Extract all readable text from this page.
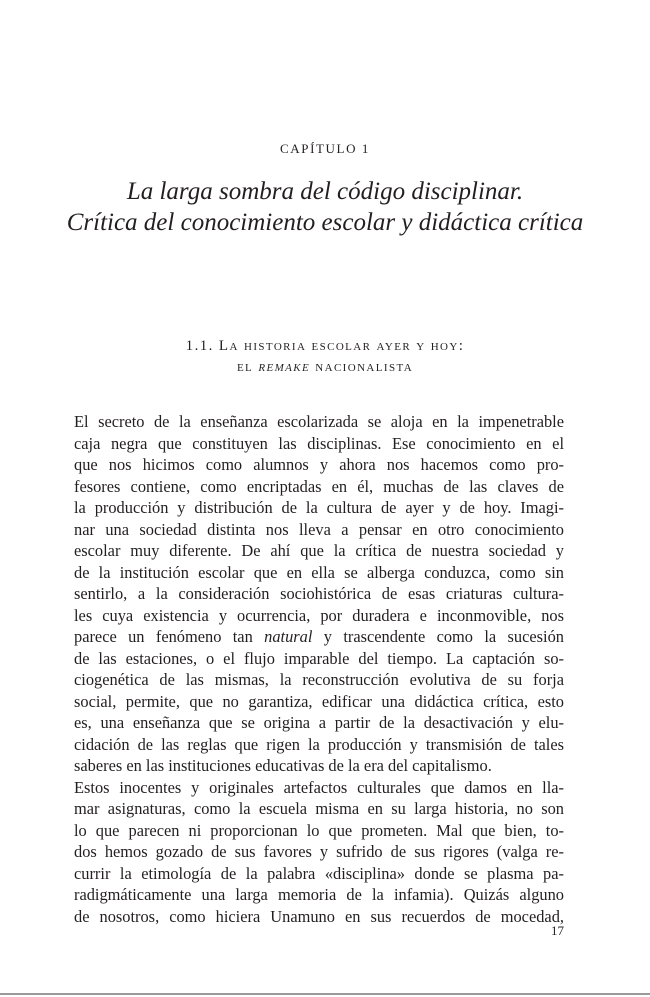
CAPÍTULO 1
La larga sombra del código disciplinar.
Crítica del conocimiento escolar y didáctica crítica
1.1. La historia escolar ayer y hoy:
el remake nacionalista
El secreto de la enseñanza escolarizada se aloja en la impenetrable
caja negra que constituyen las disciplinas. Ese conocimiento en el
que nos hicimos como alumnos y ahora nos hacemos como pro-
fesores contiene, como encriptadas en él, muchas de las claves de
la producción y distribución de la cultura de ayer y de hoy. Imagi-
nar una sociedad distinta nos lleva a pensar en otro conocimiento
escolar muy diferente. De ahí que la crítica de nuestra sociedad y
de la institución escolar que en ella se alberga conduzca, como sin
sentirlo, a la consideración sociohistórica de esas criaturas cultura-
les cuya existencia y ocurrencia, por duradera e inconmovible, nos
parece un fenómeno tan natural y trascendente como la sucesión
de las estaciones, o el flujo imparable del tiempo. La captación so-
ciogenética de las mismas, la reconstrucción evolutiva de su forja
social, permite, que no garantiza, edificar una didáctica crítica, esto
es, una enseñanza que se origina a partir de la desactivación y elu-
cidación de las reglas que rigen la producción y transmisión de tales
saberes en las instituciones educativas de la era del capitalismo.
Estos inocentes y originales artefactos culturales que damos en lla-
mar asignaturas, como la escuela misma en su larga historia, no son
lo que parecen ni proporcionan lo que prometen. Mal que bien, to-
dos hemos gozado de sus favores y sufrido de sus rigores (valga re-
currir la etimología de la palabra «disciplina» donde se plasma pa-
radigmáticamente una larga memoria de la infamia). Quizás alguno
de nosotros, como hiciera Unamuno en sus recuerdos de mocedad,
17
